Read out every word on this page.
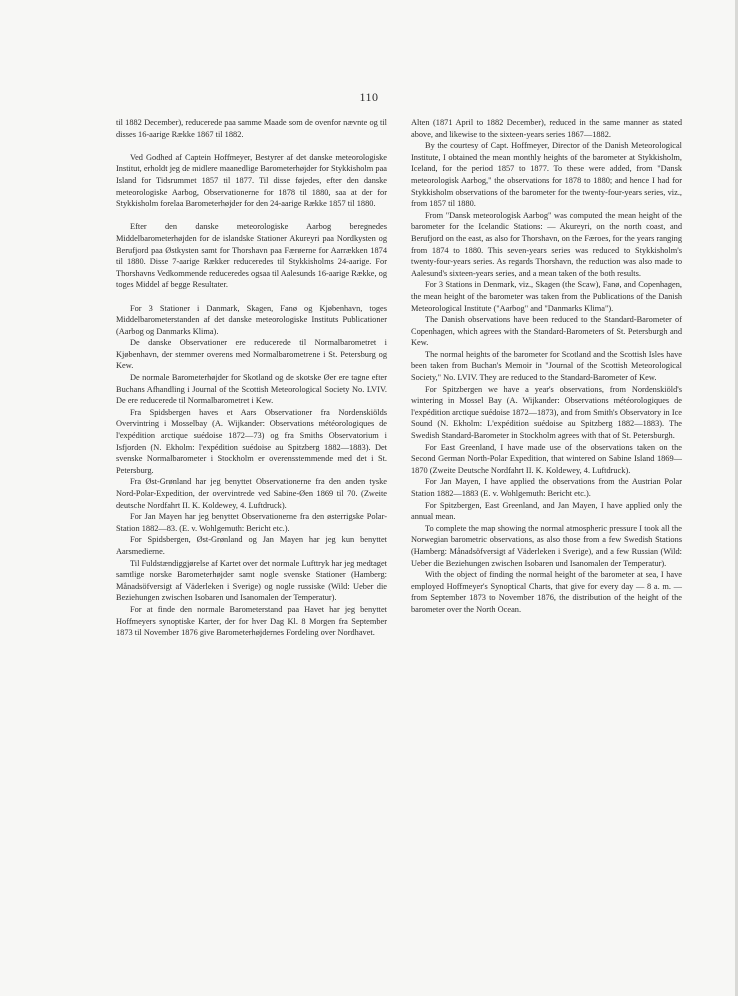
110

til 1882 December), reducerede paa samme Maade som de ovenfor nævnte og til disses 16-aarige Række 1867 til 1882.

Ved Godhed af Captein Hoffmeyer, Bestyrer af det danske meteorologiske Institut, erholdt jeg de midlere maanedlige Barometerhøjder for Stykkisholm paa Island for Tidsrummet 1857 til 1877. Til disse føjedes, efter den danske meteorologiske Aarbog, Observationerne for 1878 til 1880, saa at der for Stykkisholm forelaa Barometerhøjder for den 24-aarige Række 1857 til 1880.

Efter den danske meteorologiske Aarbog beregnedes Middelbarometerhøjden for de islandske Stationer Akureyri paa Nordkysten og Berufjord paa Østkysten samt for Thorshavn paa Færøerne for Aarrækken 1874 til 1880. Disse 7-aarige Rækker reduceredes til Stykkisholms 24-aarige. For Thorshavns Vedkommende reduceredes ogsaa til Aalesunds 16-aarige Række, og toges Middel af begge Resultater.

For 3 Stationer i Danmark, Skagen, Fanø og Kjøbenhavn, toges Middelbarometerstanden af det danske meteorologiske Instituts Publicationer (Aarbog og Danmarks Klima).

De danske Observationer ere reducerede til Normalbarometret i Kjøbenhavn, der stemmer overens med Normalbarometrene i St. Petersburg og Kew.

De normale Barometerhøjder for Skotland og de skotske Øer ere tagne efter Buchans Afhandling i Journal of the Scottish Meteorological Society No. LVIV. De ere reducerede til Normalbarometret i Kew.

Fra Spidsbergen haves et Aars Observationer fra Nordenskiölds Overvintring i Mosselbay (A. Wijkander: Observations météorologiques de l'expédition arctique suédoise 1872—73) og fra Smiths Observatorium i Isfjorden (N. Ekholm: l'expédition suédoise au Spitzberg 1882—1883). Det svenske Normalbarometer i Stockholm er overensstemmende med det i St. Petersburg.

Fra Øst-Grønland har jeg benyttet Observationerne fra den anden tyske Nord-Polar-Expedition, der overvintrede ved Sabine-Øen 1869 til 70. (Zweite deutsche Nordfahrt II. K. Koldewey, 4. Luftdruck).

For Jan Mayen har jeg benyttet Observationerne fra den østerrigske Polar-Station 1882—83. (E. v. Wohlgemuth: Bericht etc.).

For Spidsbergen, Øst-Grønland og Jan Mayen har jeg kun benyttet Aarsmedierne.

Til Fuldstændiggjørelse af Kartet over det normale Lufttryk har jeg medtaget samtlige norske Barometerhøjder samt nogle svenske Stationer (Hamberg: Månadsöfversigt af Väderleken i Sverige) og nogle russiske (Wild: Ueber die Beziehungen zwischen Isobaren und Isanomalen der Temperatur).

For at finde den normale Barometerstand paa Havet har jeg benyttet Hoffmeyers synoptiske Karter, der for hver Dag Kl. 8 Morgen fra September 1873 til November 1876 give Barometerhøjdernes Fordeling over Nordhavet.

Alten (1871 April to 1882 December), reduced in the same manner as stated above, and likewise to the sixteen-years series 1867—1882.

By the courtesy of Capt. Hoffmeyer, Director of the Danish Meteorological Institute, I obtained the mean monthly heights of the barometer at Stykkisholm, Iceland, for the period 1857 to 1877. To these were added, from "Dansk meteorologisk Aarbog," the observations for 1878 to 1880; and hence I had for Stykkisholm observations of the barometer for the twenty-four-years series, viz., from 1857 til 1880.

From "Dansk meteorologisk Aarbog" was computed the mean height of the barometer for the Icelandic Stations: — Akureyri, on the north coast, and Berufjord on the east, as also for Thorshavn, on the Færoes, for the years ranging from 1874 to 1880. This seven-years series was reduced to Stykkisholm's twenty-four-years series. As regards Thorshavn, the reduction was also made to Aalesund's sixteen-years series, and a mean taken of the both results.

For 3 Stations in Denmark, viz., Skagen (the Scaw), Fanø, and Copenhagen, the mean height of the barometer was taken from the Publications of the Danish Meteorological Institute ("Aarbog" and "Danmarks Klima").

The Danish observations have been reduced to the Standard-Barometer of Copenhagen, which agrees with the Standard-Barometers of St. Petersburgh and Kew.

The normal heights of the barometer for Scotland and the Scottish Isles have been taken from Buchan's Memoir in "Journal of the Scottish Meteorological Society," No. LVIV. They are reduced to the Standard-Barometer of Kew.

For Spitzbergen we have a year's observations, from Nordenskiöld's wintering in Mossel Bay (A. Wijkander: Observations météorologiques de l'expédition arctique suédoise 1872—1873), and from Smith's Observatory in Ice Sound (N. Ekholm: L'expédition suédoise au Spitzberg 1882—1883). The Swedish Standard-Barometer in Stockholm agrees with that of St. Petersburgh.

For East Greenland, I have made use of the observations taken on the Second German North-Polar Expedition, that wintered on Sabine Island 1869—1870 (Zweite Deutsche Nordfahrt II. K. Koldewey, 4. Luftdruck).

For Jan Mayen, I have applied the observations from the Austrian Polar Station 1882—1883 (E. v. Wohlgemuth: Bericht etc.).

For Spitzbergen, East Greenland, and Jan Mayen, I have applied only the annual mean.

To complete the map showing the normal atmospheric pressure I took all the Norwegian barometric observations, as also those from a few Swedish Stations (Hamberg: Månadsöfversigt af Väderleken i Sverige), and a few Russian (Wild: Ueber die Beziehungen zwischen Isobaren und Isanomalen der Temperatur).

With the object of finding the normal height of the barometer at sea, I have employed Hoffmeyer's Synoptical Charts, that give for every day — 8 a. m. — from September 1873 to November 1876, the distribution of the height of the barometer over the North Ocean.
